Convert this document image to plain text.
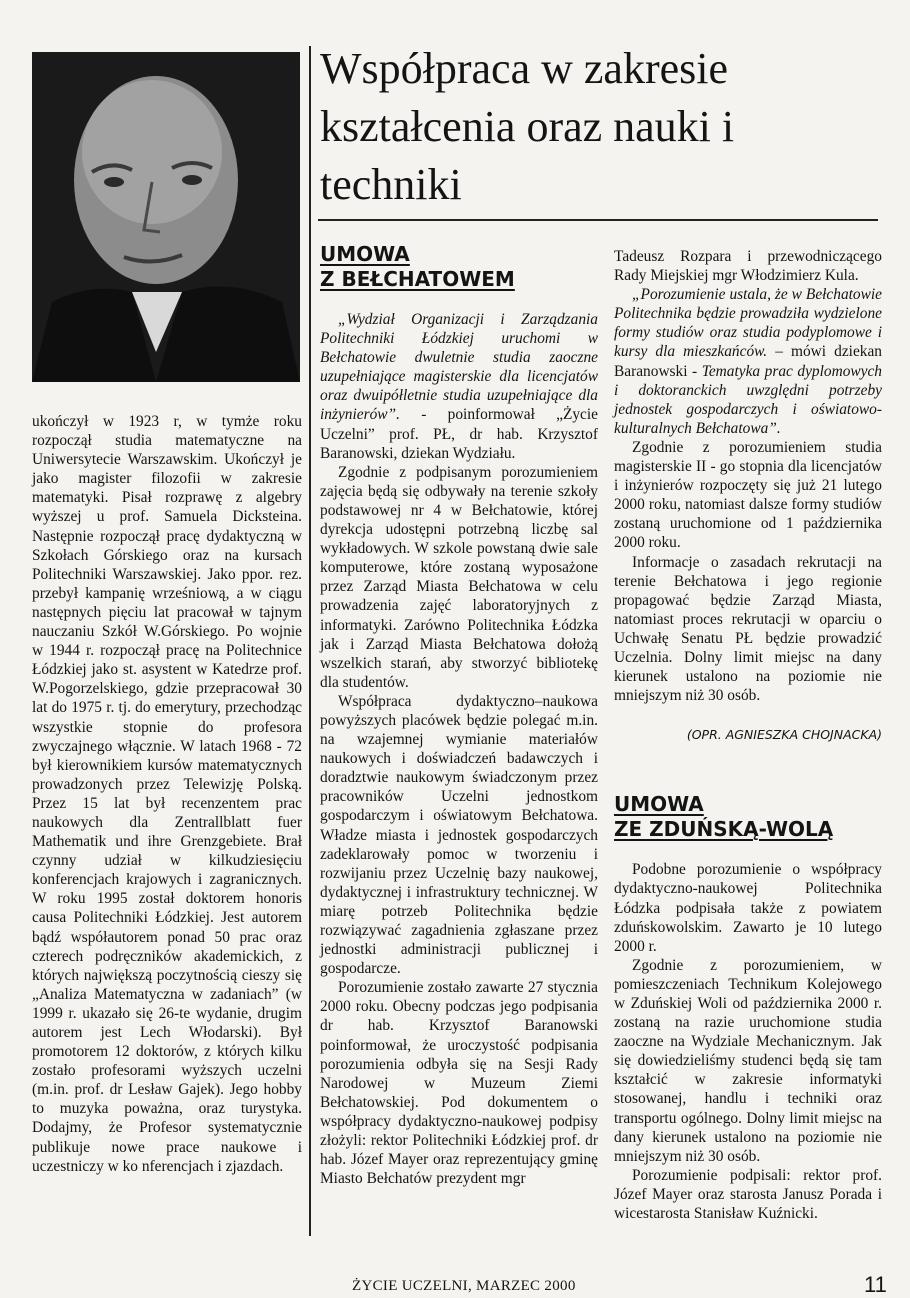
Współpraca w zakresie kształcenia oraz nauki i techniki

ukończył w 1923 r, w tymże roku rozpoczął studia matematyczne na Uniwersytecie Warszawskim. Ukończył je jako magister filozofii w zakresie matematyki. Pisał rozprawę z algebry wyższej u prof. Samuela Dicksteina. Następnie rozpoczął pracę dydaktyczną w Szkołach Górskiego oraz na kursach Politechniki Warszawskiej. Jako ppor. rez. przebył kampanię wrześniową, a w ciągu następnych pięciu lat pracował w tajnym nauczaniu Szkół W.Górskiego. Po wojnie w 1944 r. rozpoczął pracę na Politechnice Łódzkiej jako st. asystent w Katedrze prof. W.Pogorzelskiego, gdzie przepracował 30 lat do 1975 r. tj. do emerytury, przechodząc wszystkie stopnie do profesora zwyczajnego włącznie. W latach 1968 - 72 był kierownikiem kursów matematycznych prowadzonych przez Telewizję Polską. Przez 15 lat był recenzentem prac naukowych dla Zentrallblatt fuer Mathematik und ihre Grenzgebiete. Brał czynny udział w kilkudziesięciu konferencjach krajowych i zagranicznych. W roku 1995 został doktorem honoris causa Politechniki Łódzkiej. Jest autorem bądź współautorem ponad 50 prac oraz czterech podręczników akademickich, z których największą poczytnością cieszy się „Analiza Matematyczna w zadaniach” (w 1999 r. ukazało się 26-te wydanie, drugim autorem jest Lech Włodarski). Był promotorem 12 doktorów, z których kilku zostało profesorami wyższych uczelni (m.in. prof. dr Lesław Gajek). Jego hobby to muzyka poważna, oraz turystyka. Dodajmy, że Profesor systematycznie publikuje nowe prace naukowe i uczestniczy w ko nferencjach i zjazdach.

UMOWA
Z BEŁCHATOWEM

„Wydział Organizacji i Zarządzania Politechniki Łódzkiej uruchomi w Bełchatowie dwuletnie studia zaoczne uzupełniające magisterskie dla licencjatów oraz dwuipółletnie studia uzupełniające dla inżynierów”. - poinformował „Życie Uczelni” prof. PŁ, dr hab. Krzysztof Baranowski, dziekan Wydziału.

Zgodnie z podpisanym porozumieniem zajęcia będą się odbywały na terenie szkoły podstawowej nr 4 w Bełchatowie, której dyrekcja udostępni potrzebną liczbę sal wykładowych. W szkole powstaną dwie sale komputerowe, które zostaną wyposażone przez Zarząd Miasta Bełchatowa w celu prowadzenia zajęć laboratoryjnych z informatyki. Zarówno Politechnika Łódzka jak i Zarząd Miasta Bełchatowa dołożą wszelkich starań, aby stworzyć bibliotekę dla studentów.

Współpraca dydaktyczno–naukowa powyższych placówek będzie polegać m.in. na wzajemnej wymianie materiałów naukowych i doświadczeń badawczych i doradztwie naukowym świadczonym przez pracowników Uczelni jednostkom gospodarczym i oświatowym Bełchatowa. Władze miasta i jednostek gospodarczych zadeklarowały pomoc w tworzeniu i rozwijaniu przez Uczelnię bazy naukowej, dydaktycznej i infrastruktury technicznej. W miarę potrzeb Politechnika będzie rozwiązywać zagadnienia zgłaszane przez jednostki administracji publicznej i gospodarcze.

Porozumienie zostało zawarte 27 stycznia 2000 roku. Obecny podczas jego podpisania dr hab. Krzysztof Baranowski poinformował, że uroczystość podpisania porozumienia odbyła się na Sesji Rady Narodowej w Muzeum Ziemi Bełchatowskiej. Pod dokumentem o współpracy dydaktyczno-naukowej podpisy złożyli: rektor Politechniki Łódzkiej prof. dr hab. Józef Mayer oraz reprezentujący gminę Miasto Bełchatów prezydent mgr

Tadeusz Rozpara i przewodniczącego Rady Miejskiej mgr Włodzimierz Kula.

„Porozumienie ustala, że w Bełchatowie Politechnika będzie prowadziła wydzielone formy studiów oraz studia podyplomowe i kursy dla mieszkańców. – mówi dziekan Baranowski - Tematyka prac dyplomowych i doktoranckich uwzględni potrzeby jednostek gospodarczych i oświatowo-kulturalnych Bełchatowa”.

Zgodnie z porozumieniem studia magisterskie II - go stopnia dla licencjatów i inżynierów rozpoczęty się już 21 lutego 2000 roku, natomiast dalsze formy studiów zostaną uruchomione od 1 października 2000 roku.

Informacje o zasadach rekrutacji na terenie Bełchatowa i jego regionie propagować będzie Zarząd Miasta, natomiast proces rekrutacji w oparciu o Uchwałę Senatu PŁ będzie prowadzić Uczelnia. Dolny limit miejsc na dany kierunek ustalono na poziomie nie mniejszym niż 30 osób.

(OPR. AGNIESZKA CHOJNACKA)
UMOWA
ZE ZDUŃSKĄ-WOLĄ

Podobne porozumienie o współpracy dydaktyczno-naukowej Politechnika Łódzka podpisała także z powiatem zduńskowolskim. Zawarto je 10 lutego 2000 r.

Zgodnie z porozumieniem, w pomieszczeniach Technikum Kolejowego w Zduńskiej Woli od października 2000 r. zostaną na razie uruchomione studia zaoczne na Wydziale Mechanicznym. Jak się dowiedzieliśmy studenci będą się tam kształcić w zakresie informatyki stosowanej, handlu i techniki oraz transportu ogólnego. Dolny limit miejsc na dany kierunek ustalono na poziomie nie mniejszym niż 30 osób.

Porozumienie podpisali: rektor prof. Józef Mayer oraz starosta Janusz Porada i wicestarosta Stanisław Kuźnicki.

ŻYCIE UCZELNI, MARZEC 2000	11
